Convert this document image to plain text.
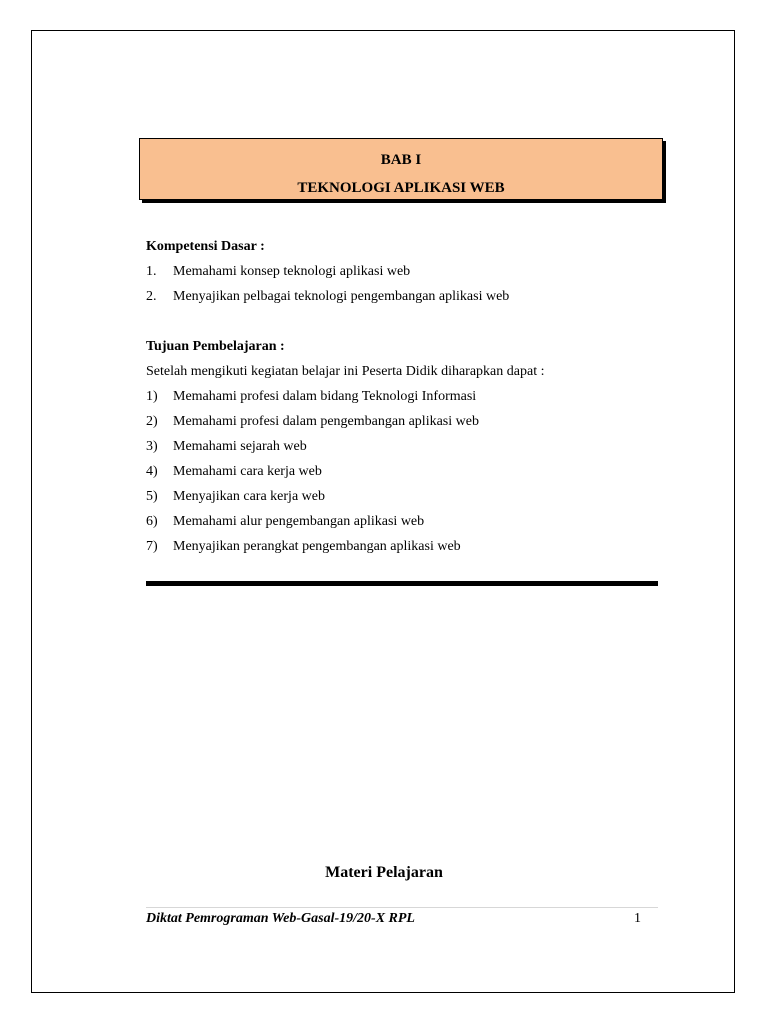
BAB I
TEKNOLOGI APLIKASI WEB
Kompetensi Dasar :
1.	Memahami konsep teknologi aplikasi web
2.	Menyajikan pelbagai teknologi pengembangan aplikasi web
Tujuan Pembelajaran :
Setelah mengikuti kegiatan belajar ini Peserta Didik diharapkan dapat :
1)	Memahami profesi dalam bidang Teknologi Informasi
2)	Memahami profesi dalam pengembangan aplikasi web
3)	Memahami sejarah web
4)	Memahami cara kerja web
5)	Menyajikan cara kerja web
6)	Memahami alur pengembangan aplikasi web
7)	Menyajikan perangkat pengembangan aplikasi web
Materi Pelajaran
Diktat Pemrograman Web-Gasal-19/20-X RPL	1
